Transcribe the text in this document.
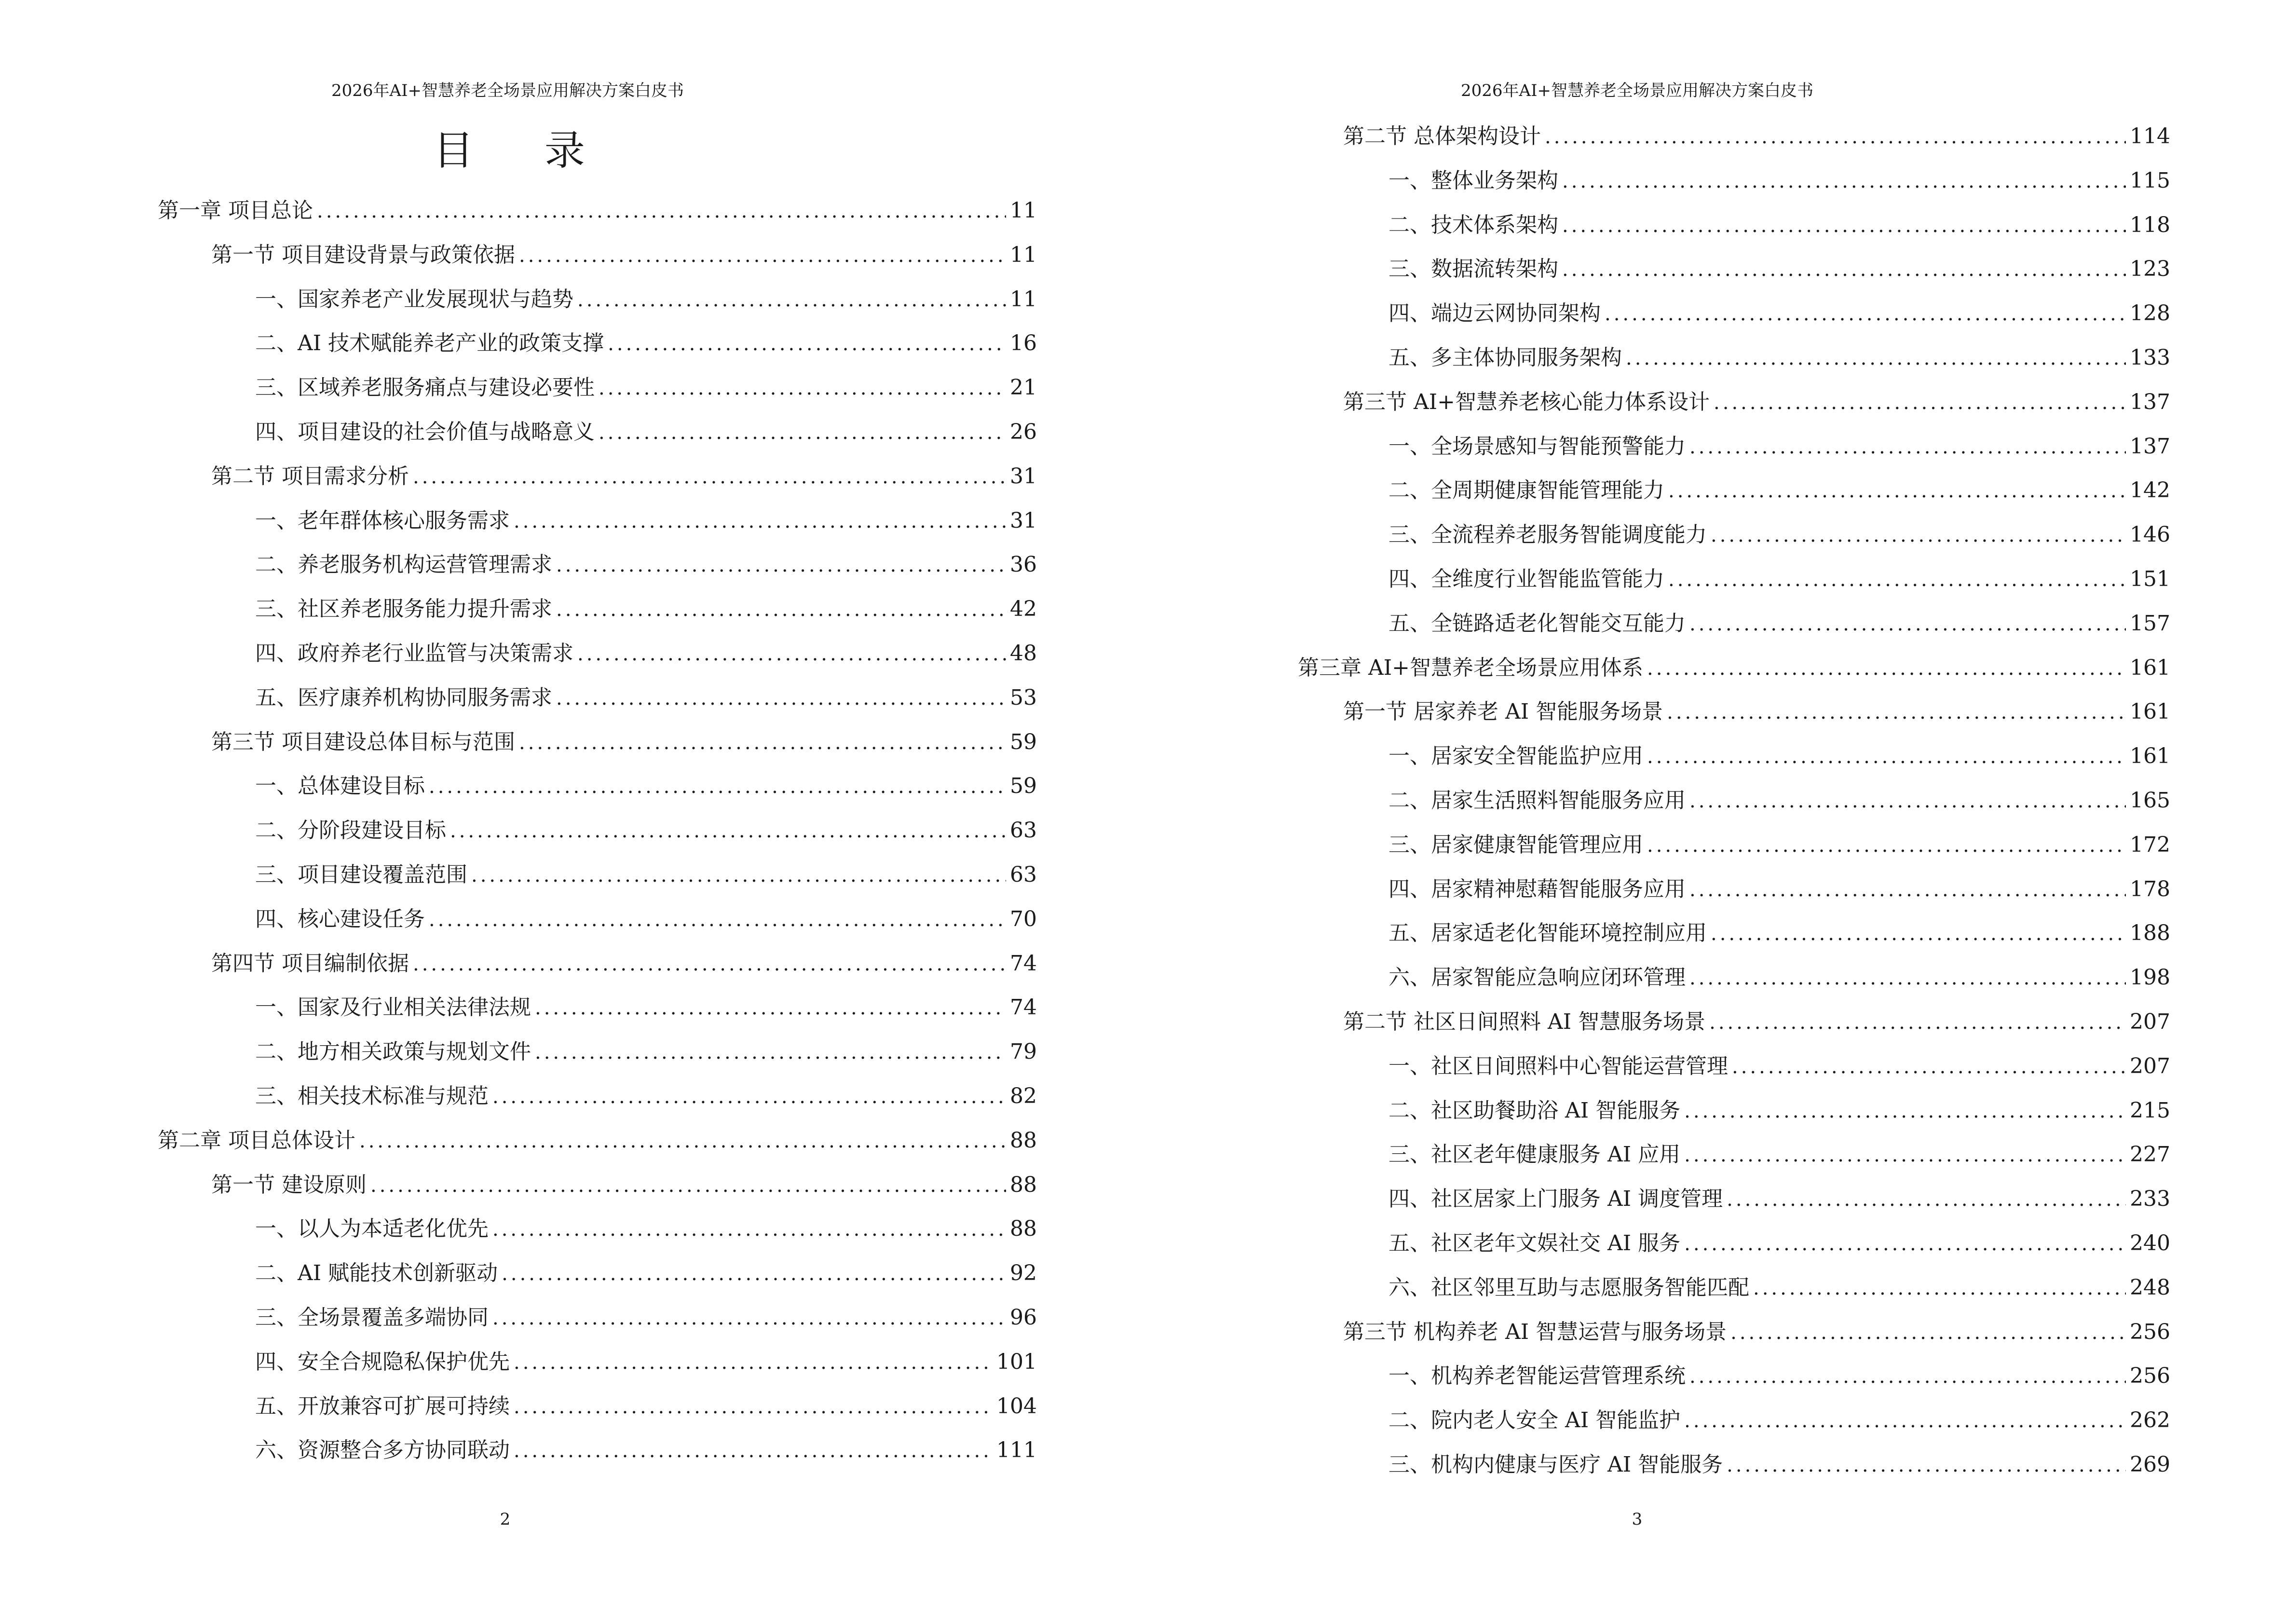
2026年AI+智慧养老全场景应用解决方案白皮书
目 录
第一章 项目总论 .....	11
第一节 项目建设背景与政策依据 .....	11
一、国家养老产业发展现状与趋势 .....	11
二、AI 技术赋能养老产业的政策支撑 .....	16
三、区域养老服务痛点与建设必要性 .....	21
四、项目建设的社会价值与战略意义 .....	26
第二节 项目需求分析 .....	31
一、老年群体核心服务需求 .....	31
二、养老服务机构运营管理需求 .....	36
三、社区养老服务能力提升需求 .....	42
四、政府养老行业监管与决策需求 .....	48
五、医疗康养机构协同服务需求 .....	53
第三节 项目建设总体目标与范围 .....	59
一、总体建设目标 .....	59
二、分阶段建设目标 .....	63
三、项目建设覆盖范围 .....	63
四、核心建设任务 .....	70
第四节 项目编制依据 .....	74
一、国家及行业相关法律法规 .....	74
二、地方相关政策与规划文件 .....	79
三、相关技术标准与规范 .....	82
第二章 项目总体设计 .....	88
第一节 建设原则 .....	88
一、以人为本适老化优先 .....	88
二、AI 赋能技术创新驱动 .....	92
三、全场景覆盖多端协同 .....	96
四、安全合规隐私保护优先 .....	101
五、开放兼容可扩展可持续 .....	104
六、资源整合多方协同联动 .....	111
2
2026年AI+智慧养老全场景应用解决方案白皮书
第二节 总体架构设计 .....	114
一、整体业务架构 .....	115
二、技术体系架构 .....	118
三、数据流转架构 .....	123
四、端边云网协同架构 .....	128
五、多主体协同服务架构 .....	133
第三节 AI+智慧养老核心能力体系设计 .....	137
一、全场景感知与智能预警能力 .....	137
二、全周期健康智能管理能力 .....	142
三、全流程养老服务智能调度能力 .....	146
四、全维度行业智能监管能力 .....	151
五、全链路适老化智能交互能力 .....	157
第三章 AI+智慧养老全场景应用体系 .....	161
第一节 居家养老 AI 智能服务场景 .....	161
一、居家安全智能监护应用 .....	161
二、居家生活照料智能服务应用 .....	165
三、居家健康智能管理应用 .....	172
四、居家精神慰藉智能服务应用 .....	178
五、居家适老化智能环境控制应用 .....	188
六、居家智能应急响应闭环管理 .....	198
第二节 社区日间照料 AI 智慧服务场景 .....	207
一、社区日间照料中心智能运营管理 .....	207
二、社区助餐助浴 AI 智能服务 .....	215
三、社区老年健康服务 AI 应用 .....	227
四、社区居家上门服务 AI 调度管理 .....	233
五、社区老年文娱社交 AI 服务 .....	240
六、社区邻里互助与志愿服务智能匹配 .....	248
第三节 机构养老 AI 智慧运营与服务场景 .....	256
一、机构养老智能运营管理系统 .....	256
二、院内老人安全 AI 智能监护 .....	262
三、机构内健康与医疗 AI 智能服务 .....	269
3
